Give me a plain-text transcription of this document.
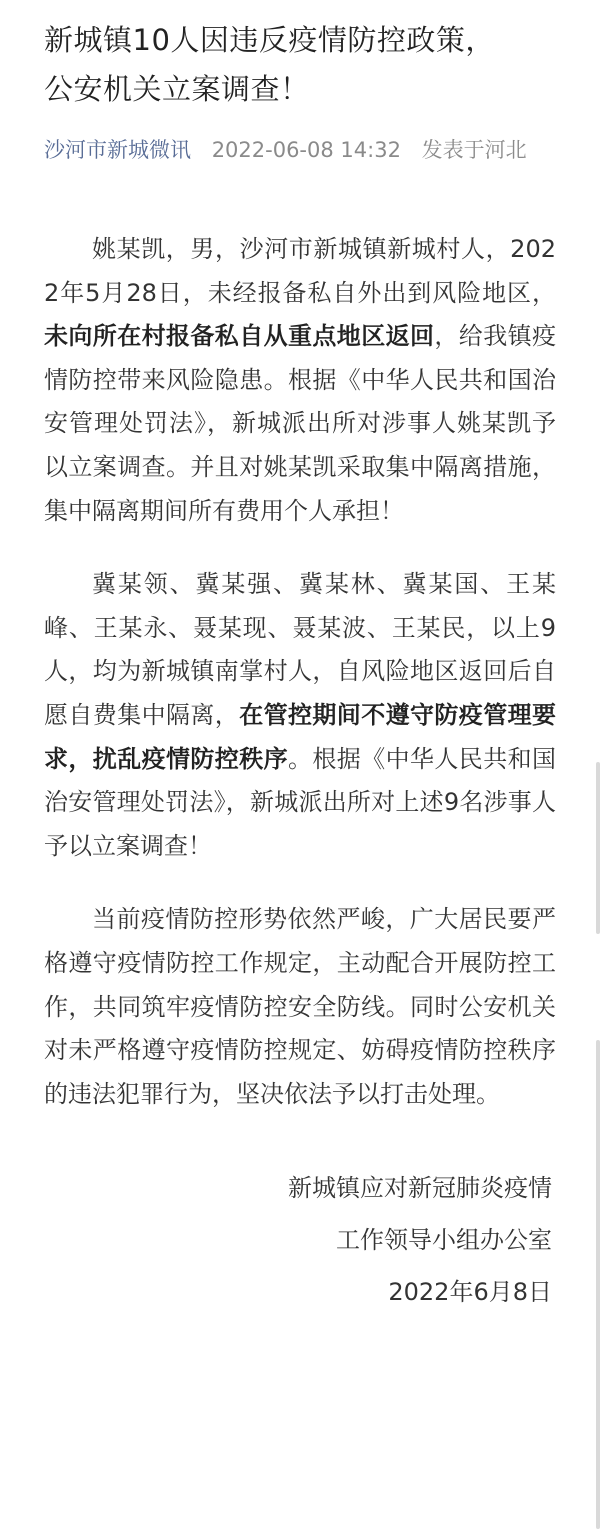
新城镇10人因违反疫情防控政策，
公安机关立案调查！
沙河市新城微讯 2022-06-08 14:32 发表于河北

姚某凯，男，沙河市新城镇新城村人，2022年5月28日，未经报备私自外出到风险地区，未向所在村报备私自从重点地区返回，给我镇疫情防控带来风险隐患。根据《中华人民共和国治安管理处罚法》，新城派出所对涉事人姚某凯予以立案调查。并且对姚某凯采取集中隔离措施，集中隔离期间所有费用个人承担！

冀某领、冀某强、冀某林、冀某国、王某峰、王某永、聂某现、聂某波、王某民，以上9人，均为新城镇南掌村人，自风险地区返回后自愿自费集中隔离，在管控期间不遵守防疫管理要求，扰乱疫情防控秩序。根据《中华人民共和国治安管理处罚法》，新城派出所对上述9名涉事人予以立案调查！

当前疫情防控形势依然严峻，广大居民要严格遵守疫情防控工作规定，主动配合开展防控工作，共同筑牢疫情防控安全防线。同时公安机关对未严格遵守疫情防控规定、妨碍疫情防控秩序的违法犯罪行为，坚决依法予以打击处理。

新城镇应对新冠肺炎疫情
工作领导小组办公室
2022年6月8日
